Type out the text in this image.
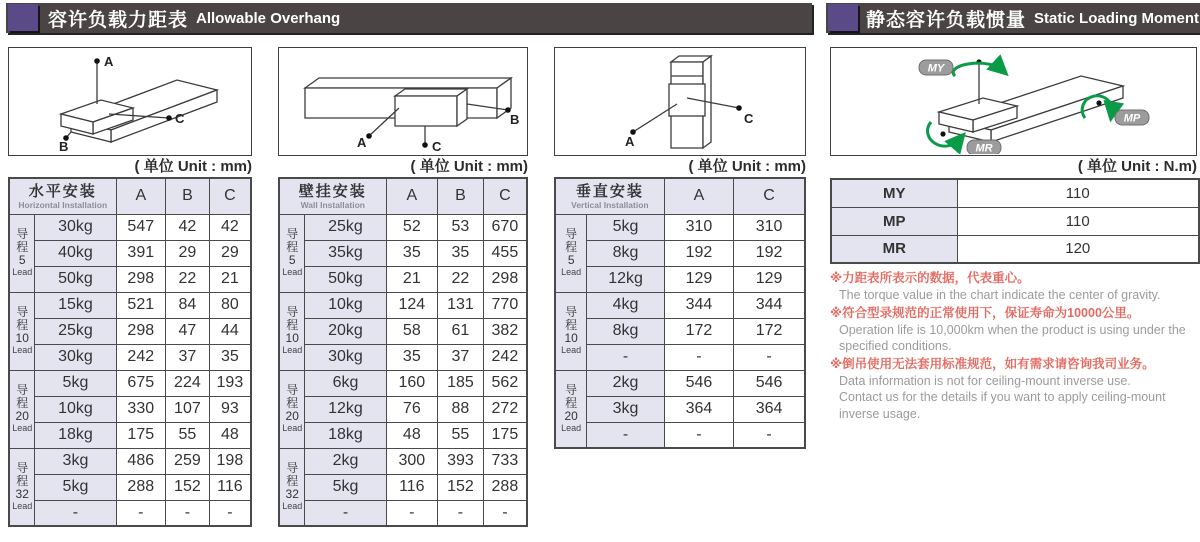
容许负载力距表 Allowable Overhang	静态容许负载惯量 Static Loading Moment
A
C
B
( 单位 Unit : mm)
水平安装
Horizontal Installation		A	B	C

导
程
5
Lead	30kg	547	42	42
	40kg	391	29	29
	50kg	298	22	21

导
程
10
Lead	15kg	521	84	80
	25kg	298	47	44
	30kg	242	37	35

导
程
20
Lead	5kg	675	224	193
	10kg	330	107	93
	18kg	175	55	48

导
程
32
Lead	3kg	486	259	198
	5kg	288	152	116
	-	-	-	-
A
B
C
( 单位 Unit : mm)
壁挂安装
Wall Installation		A	B	C

导
程
5
Lead	25kg	52	53	670
	35kg	35	35	455
	50kg	21	22	298

导
程
10
Lead	10kg	124	131	770
	20kg	58	61	382
	30kg	35	37	242

导
程
20
Lead	6kg	160	185	562
	12kg	76	88	272
	18kg	48	55	175

导
程
32
Lead	2kg	300	393	733
	5kg	116	152	288
	-	-	-	-
A
C
( 单位 Unit : mm)
垂直安装
Vertical Installation		A	C

导
程
5
Lead	5kg	310	310
	8kg	192	192
	12kg	129	129

导
程
10
Lead	4kg	344	344
	8kg	172	172
	-	-	-

导
程
20
Lead	2kg	546	546
	3kg	364	364
	-	-	-
MY
MP
MR
( 单位 Unit : N.m)
MY	110
MP	110
MR	120
※力距表所表示的数据，代表重心。
The torque value in the chart indicate the center of gravity.
※符合型录规范的正常使用下，保证寿命为10000公里。
Operation life is 10,000km when the product is using under the
specified conditions.
※倒吊使用无法套用标准规范，如有需求请咨询我司业务。
Data information is not for ceiling-mount inverse use.
Contact us for the details if you want to apply ceiling-mount
inverse usage.
